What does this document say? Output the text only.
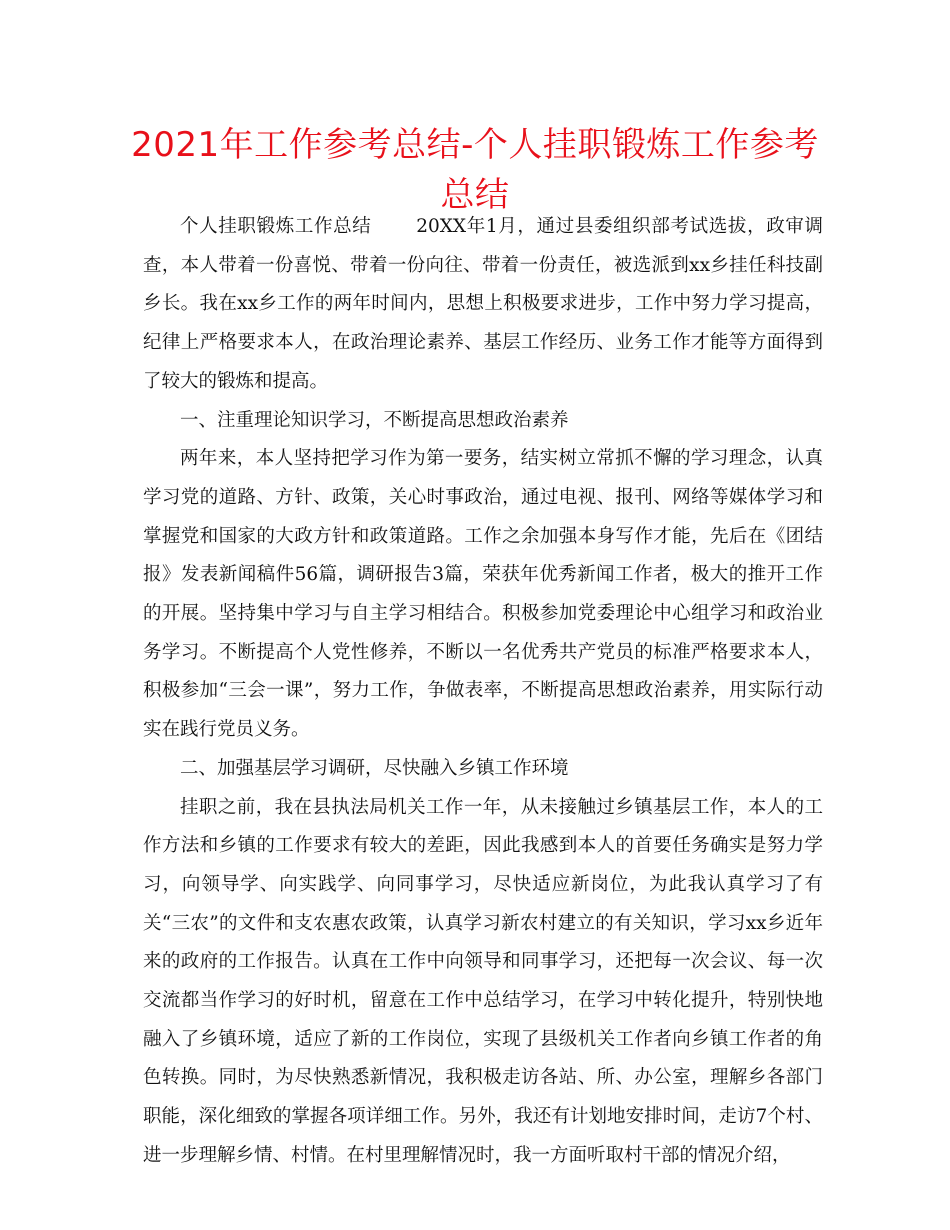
2021年工作参考总结-个人挂职锻炼工作参考总结

个人挂职锻炼工作总结　　 20XX年1月，通过县委组织部考试选拔，政审调查，本人带着一份喜悦、带着一份向往、带着一份责任，被选派到xx乡挂任科技副乡长。我在xx乡工作的两年时间内，思想上积极要求进步，工作中努力学习提高，纪律上严格要求本人，在政治理论素养、基层工作经历、业务工作才能等方面得到了较大的锻炼和提高。

一、注重理论知识学习，不断提高思想政治素养

两年来，本人坚持把学习作为第一要务，结实树立常抓不懈的学习理念，认真学习党的道路、方针、政策，关心时事政治，通过电视、报刊、网络等媒体学习和掌握党和国家的大政方针和政策道路。工作之余加强本身写作才能，先后在《团结报》发表新闻稿件56篇，调研报告3篇，荣获年优秀新闻工作者，极大的推开工作的开展。坚持集中学习与自主学习相结合。积极参加党委理论中心组学习和政治业务学习。不断提高个人党性修养，不断以一名优秀共产党员的标准严格要求本人，积极参加“三会一课”，努力工作，争做表率，不断提高思想政治素养，用实际行动实在践行党员义务。

二、加强基层学习调研，尽快融入乡镇工作环境

挂职之前，我在县执法局机关工作一年，从未接触过乡镇基层工作，本人的工作方法和乡镇的工作要求有较大的差距，因此我感到本人的首要任务确实是努力学习，向领导学、向实践学、向同事学习，尽快适应新岗位，为此我认真学习了有关“三农”的文件和支农惠农政策，认真学习新农村建立的有关知识，学习xx乡近年来的政府的工作报告。认真在工作中向领导和同事学习，还把每一次会议、每一次交流都当作学习的好时机，留意在工作中总结学习，在学习中转化提升，特别快地融入了乡镇环境，适应了新的工作岗位，实现了县级机关工作者向乡镇工作者的角色转换。同时，为尽快熟悉新情况，我积极走访各站、所、办公室，理解乡各部门职能，深化细致的掌握各项详细工作。另外，我还有计划地安排时间，走访7个村、进一步理解乡情、村情。在村里理解情况时，我一方面听取村干部的情况介绍，
